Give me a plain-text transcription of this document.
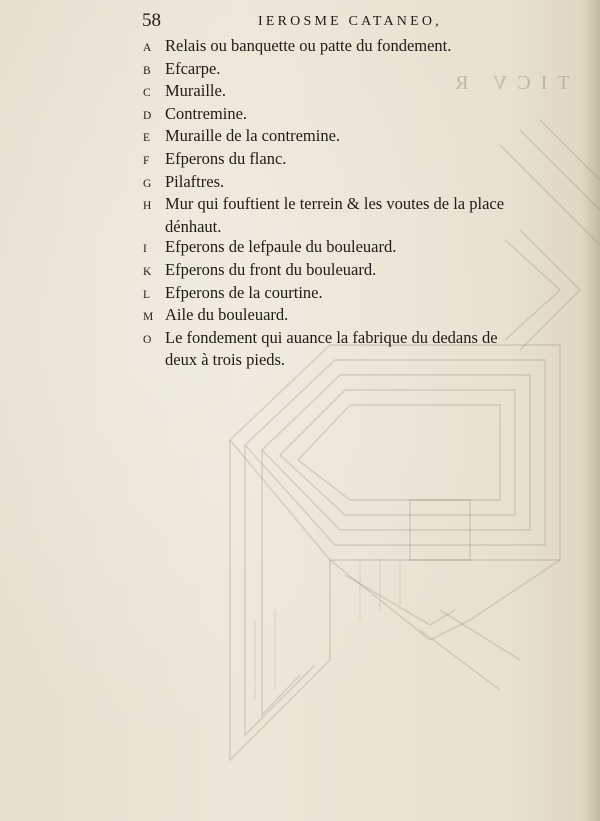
TICV R
58	IEROSME CATANEO,
A Relais ou banquette ou patte du fondement.
B Efcarpe.
C Muraille.
D Contremine.
E Muraille de la contremine.
F Efperons du flanc.
G Pilaftres.
H Mur qui fouftient le terrein & les voutes de la place
dénhaut.
I	Efperons de lefpaule du bouleuard.
K Efperons du front du bouleuard.
L Efperons de la courtine.
M Aile du bouleuard.
O Le fondement qui auance la fabrique du dedans de
deux à trois pieds.
